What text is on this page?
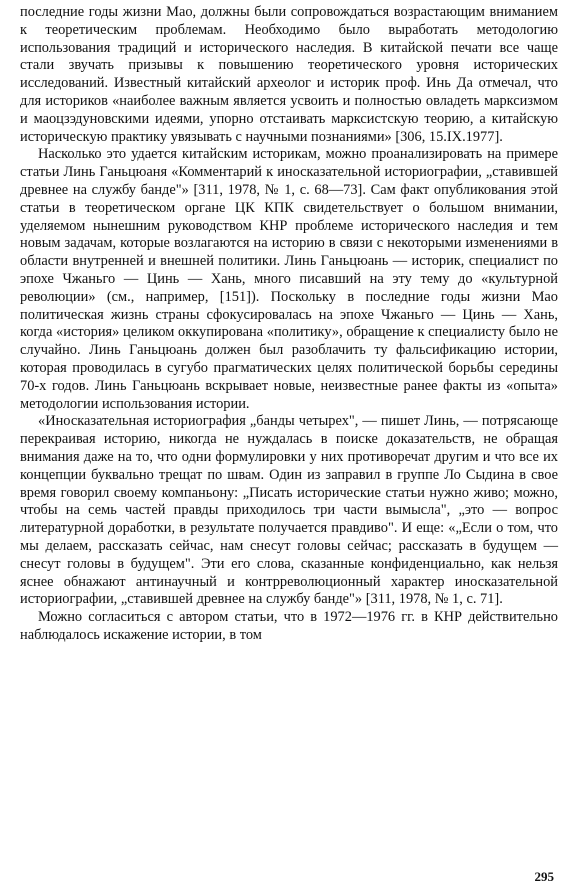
последние годы жизни Мао, должны были сопровождаться возрастающим вниманием к теоретическим проблемам. Необходимо было выработать методологию использования традиций и исторического наследия. В китайской печати все чаще стали звучать призывы к повышению теоретического уровня исторических исследований. Известный китайский археолог и историк проф. Инь Да отмечал, что для историков «наиболее важным является усвоить и полностью овладеть марксизмом и маоцзэдуновскими идеями, упорно отстаивать марксистскую теорию, а китайскую историческую практику увязывать с научными познаниями» [306, 15.IX.1977].

Насколько это удается китайским историкам, можно проанализировать на примере статьи Линь Ганьцюаня «Комментарий к иносказательной историографии, „ставившей древнее на службу банде"» [311, 1978, № 1, с. 68—73]. Сам факт опубликования этой статьи в теоретическом органе ЦК КПК свидетельствует о большом внимании, уделяемом нынешним руководством КНР проблеме исторического наследия и тем новым задачам, которые возлагаются на историю в связи с некоторыми изменениями в области внутренней и внешней политики. Линь Ганьцюань — историк, специалист по эпохе Чжаньго — Цинь — Хань, много писавший на эту тему до «культурной революции» (см., например, [151]). Поскольку в последние годы жизни Мао политическая жизнь страны сфокусировалась на эпохе Чжаньго — Цинь — Хань, когда «история» целиком оккупирована «политику», обращение к специалисту было не случайно. Линь Ганьцюань должен был разоблачить ту фальсификацию истории, которая проводилась в сугубо прагматических целях политической борьбы середины 70-х годов. Линь Ганьцюань вскрывает новые, неизвестные ранее факты из «опыта» методологии использования истории.

«Иносказательная историография „банды четырех", — пишет Линь, — потрясающе перекраивая историю, никогда не нуждалась в поиске доказательств, не обращая внимания даже на то, что одни формулировки у них противоречат другим и что все их концепции буквально трещат по швам. Один из заправил в группе Ло Сыдина в свое время говорил своему компаньону: „Писать исторические статьи нужно живо; можно, чтобы на семь частей правды приходилось три части вымысла", „это — вопрос литературной доработки, в результате получается правдиво". И еще: «„Если о том, что мы делаем, рассказать сейчас, нам снесут головы сейчас; рассказать в будущем — снесут головы в будущем". Эти его слова, сказанные конфиденциально, как нельзя яснее обнажают антинаучный и контрреволюционный характер иносказательной историографии, „ставившей древнее на службу банде"» [311, 1978, № 1, с. 71].

Можно согласиться с автором статьи, что в 1972—1976 гг. в КНР действительно наблюдалось искажение истории, в том

295
